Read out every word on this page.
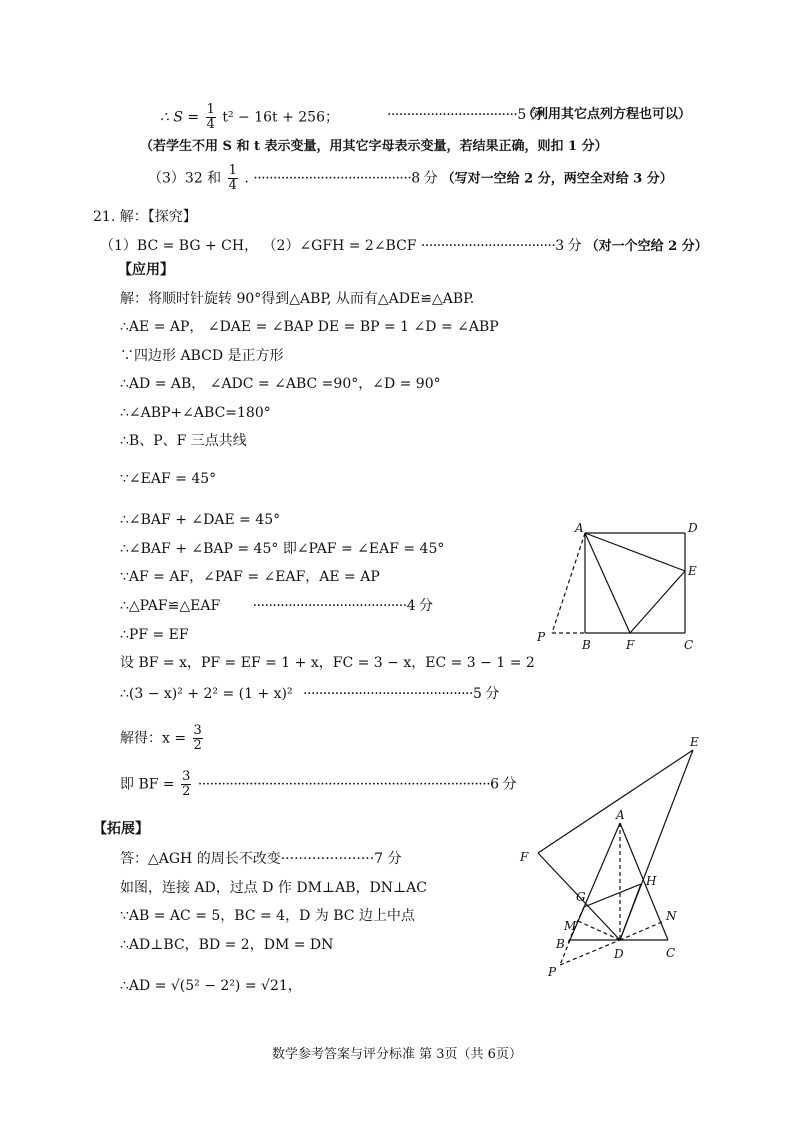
∴ $S = \frac{1}{4} t^2 - 16t + 256$；	·································5 分
（利用其它点列方程也可以）
（若学生不用 S 和 t 表示变量，用其它字母表示变量，若结果正确，则扣 1 分）
（3）32 和 $\frac{1}{4}$ . ········································8 分 （写对一空给 2 分，两空全对给 3 分）
21. 解：【探究】
（1）BC = BG + CH， （2）∠GFH = 2∠BCF ··································3 分 （对一个空给 2 分）
【应用】
解：将顺时针旋转 90°得到△ABP, 从而有△ADE≌△ABP.
∴AE = AP， ∠DAE = ∠BAP DE = BP = 1 ∠D = ∠ABP
∵四边形 ABCD 是正方形
∴AD = AB， ∠ADC = ∠ABC =90°，∠D = 90°
∴∠ABP+∠ABC=180°
∴B、P、F 三点共线
∵∠EAF = 45°
∴∠BAF + ∠DAE = 45°
∴∠BAF + ∠BAP = 45° 即∠PAF = ∠EAF = 45°
∵AF = AF，∠PAF = ∠EAF，AE = AP
∴△PAF≌△EAF ·······································4 分
∴PF = EF
设 BF = x，PF = EF = 1 + x，FC = 3 − x，EC = 3 − 1 = 2
∴(3 − x)² + 2² = (1 + x)² ···········································5 分
解得：$x = \frac{3}{2}$
即 BF = $\frac{3}{2} \cdot\cdot\cdot\cdot\cdot\cdot\cdot\cdot\cdot\cdot\cdot\cdot\cdot\cdot\cdot\cdot\cdot\cdot\cdot\cdot\cdot\cdot\cdot\cdot\cdot\cdot\cdot\cdot\cdot\cdot\cdot\cdot\cdot\cdot\cdot\cdot\cdot\cdot\cdot\cdot\cdot\cdot\cdot\cdot\cdot\cdot\cdot\cdot\cdot\cdot\cdot\cdot\cdot\cdot\cdot\cdot\cdot\cdot\cdot\cdot\cdot\cdot\cdot\cdot\cdot\cdot\cdot\cdot\cdot\cdot\cdot\cdot\cdot\cdot 6$ 分
【拓展】
答：△AGH 的周长不改变·····················7 分
如图，连接 AD，过点 D 作 DM⊥AB，DN⊥AC
∵AB = AC = 5，BC = 4，D 为 BC 边上中点
∴AD⊥BC，BD = 2，DM = DN
∴AD = √(5² − 2²) = √21，
A	D
E
P
B	F	C
E
A
F
G
H
M
N
B
D	C
P
数学参考答案与评分标准 第 3页（共 6页）
